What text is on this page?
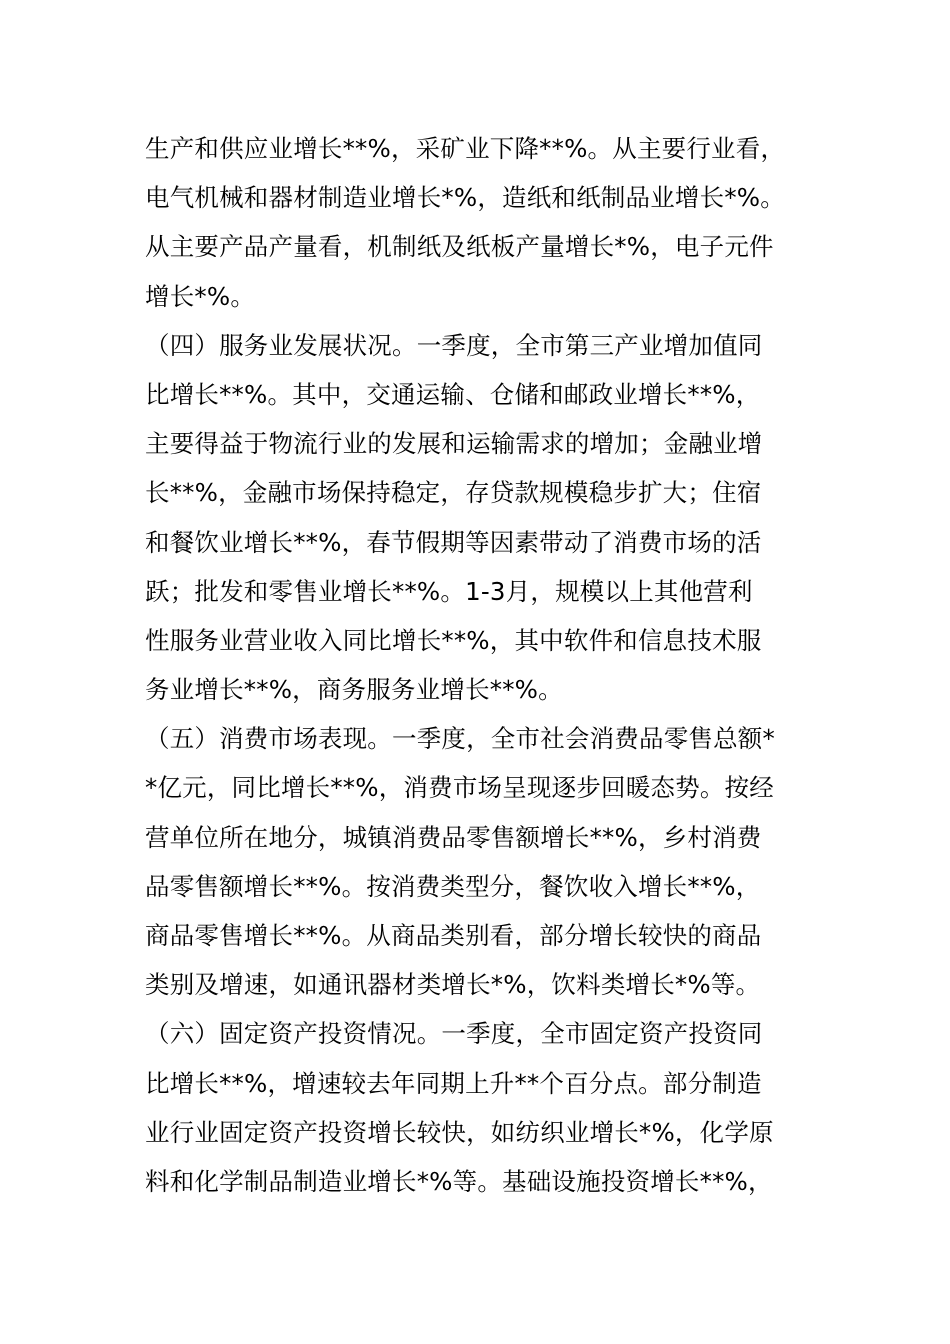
生产和供应业增长**%，采矿业下降**%。从主要行业看，
电气机械和器材制造业增长*%，造纸和纸制品业增长*%。
从主要产品产量看，机制纸及纸板产量增长*%，电子元件
增长*%。
（四）服务业发展状况。一季度，全市第三产业增加值同
比增长**%。其中，交通运输、仓储和邮政业增长**%，
主要得益于物流行业的发展和运输需求的增加；金融业增
长**%，金融市场保持稳定，存贷款规模稳步扩大；住宿
和餐饮业增长**%，春节假期等因素带动了消费市场的活
跃；批发和零售业增长**%。1-3月，规模以上其他营利
性服务业营业收入同比增长**%，其中软件和信息技术服
务业增长**%，商务服务业增长**%。
（五）消费市场表现。一季度，全市社会消费品零售总额*
*亿元，同比增长**%，消费市场呈现逐步回暖态势。按经
营单位所在地分，城镇消费品零售额增长**%，乡村消费
品零售额增长**%。按消费类型分，餐饮收入增长**%，
商品零售增长**%。从商品类别看，部分增长较快的商品
类别及增速，如通讯器材类增长*%，饮料类增长*%等。
（六）固定资产投资情况。一季度，全市固定资产投资同
比增长**%，增速较去年同期上升**个百分点。部分制造
业行业固定资产投资增长较快，如纺织业增长*%，化学原
料和化学制品制造业增长*%等。基础设施投资增长**%，
